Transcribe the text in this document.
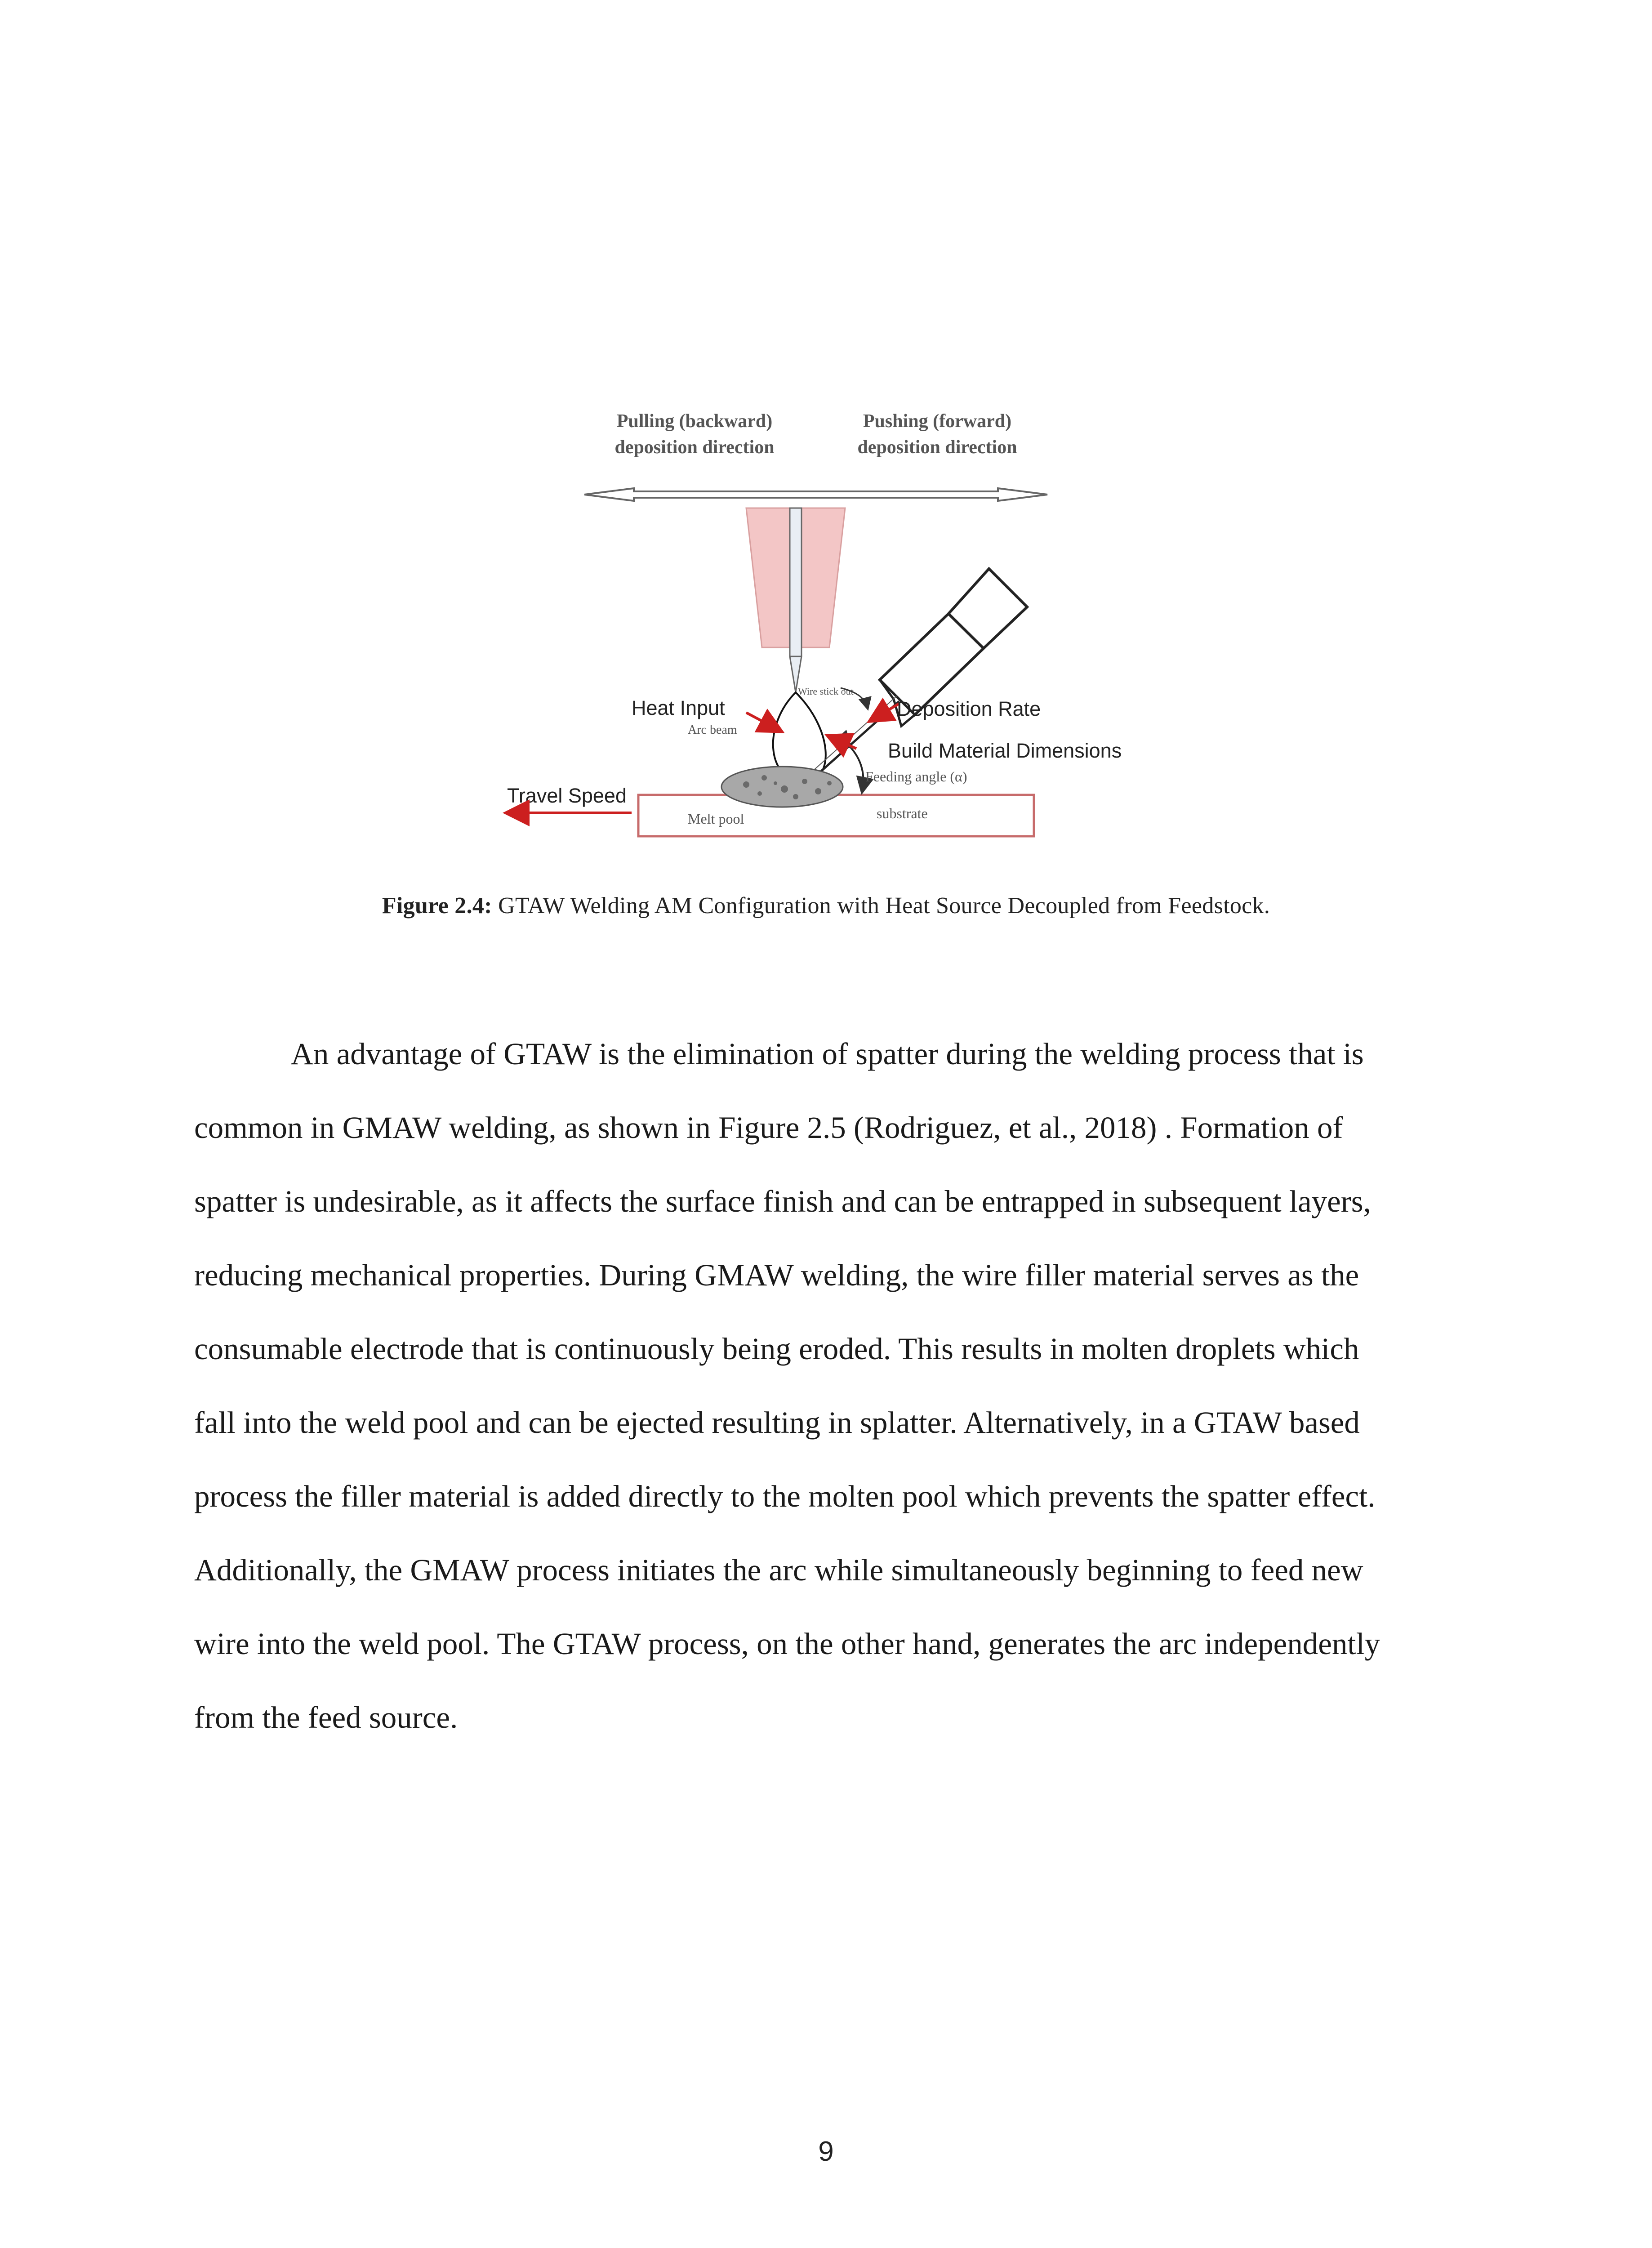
Pulling (backward)
deposition direction
Pushing (forward)
deposition direction
Wire stick out
Melt pool	substrate
Feeding angle (α)
Heat Input
Arc beam
Deposition Rate
Build Material Dimensions
Travel Speed
Figure 2.4: GTAW Welding AM Configuration with Heat Source Decoupled from Feedstock.
An advantage of GTAW is the elimination of spatter during the welding process that is
common in GMAW welding, as shown in Figure 2.5 (Rodriguez, et al., 2018) . Formation of
spatter is undesirable, as it affects the surface finish and can be entrapped in subsequent layers,
reducing mechanical properties. During GMAW welding, the wire filler material serves as the
consumable electrode that is continuously being eroded. This results in molten droplets which
fall into the weld pool and can be ejected resulting in splatter. Alternatively, in a GTAW based
process the filler material is added directly to the molten pool which prevents the spatter effect.
Additionally, the GMAW process initiates the arc while simultaneously beginning to feed new
wire into the weld pool. The GTAW process, on the other hand, generates the arc independently
from the feed source.
9
